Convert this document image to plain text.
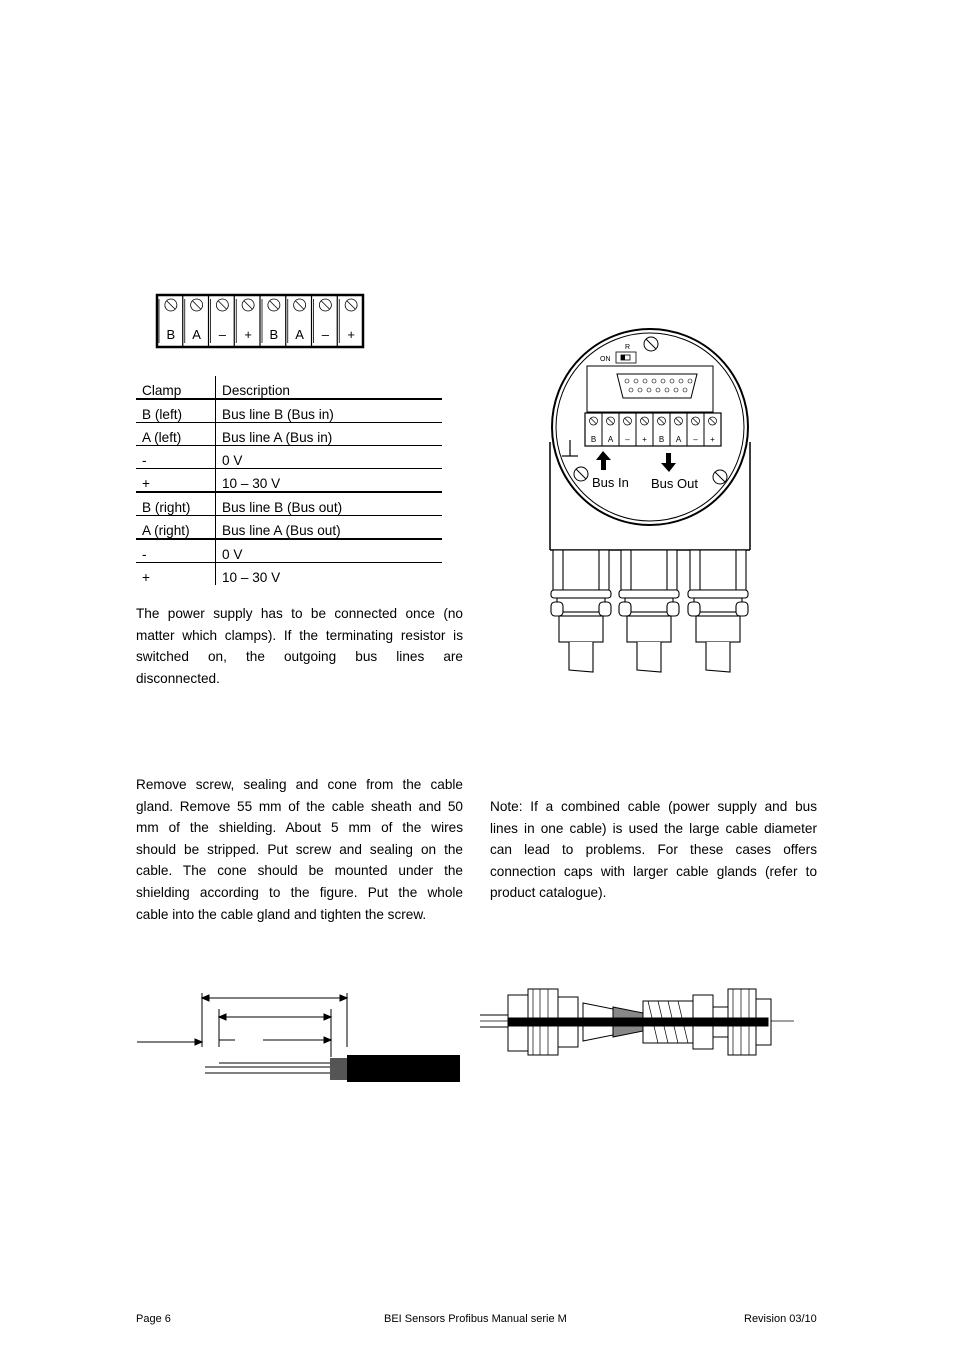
B A – + B A – +
Clamp	Description
B (left)	Bus line B (Bus in)
A (left)	Bus line A (Bus in)
-	0 V
+	10 – 30 V
B (right)	Bus line B (Bus out)
A (right)	Bus line A (Bus out)
-	0 V
+	10 – 30 V
The power supply has to be connected once (no
matter which clamps). If the terminating resistor is
switched on, the outgoing bus lines are
disconnected.
R
ON
B A – + B A – +
Bus In Bus Out
Remove screw, sealing and cone from the cable
gland. Remove 55 mm of the cable sheath and 50
mm of the shielding. About 5 mm of the wires
should be stripped. Put screw and sealing on the
cable. The cone should be mounted under the
shielding according to the figure. Put the whole
cable into the cable gland and tighten the screw.
Note: If a combined cable (power supply and bus
lines in one cable) is used the large cable diameter
can lead to problems. For these cases offers
connection caps with larger cable glands (refer to
product catalogue).
Page 6	BEI Sensors Profibus Manual serie M	Revision 03/10
